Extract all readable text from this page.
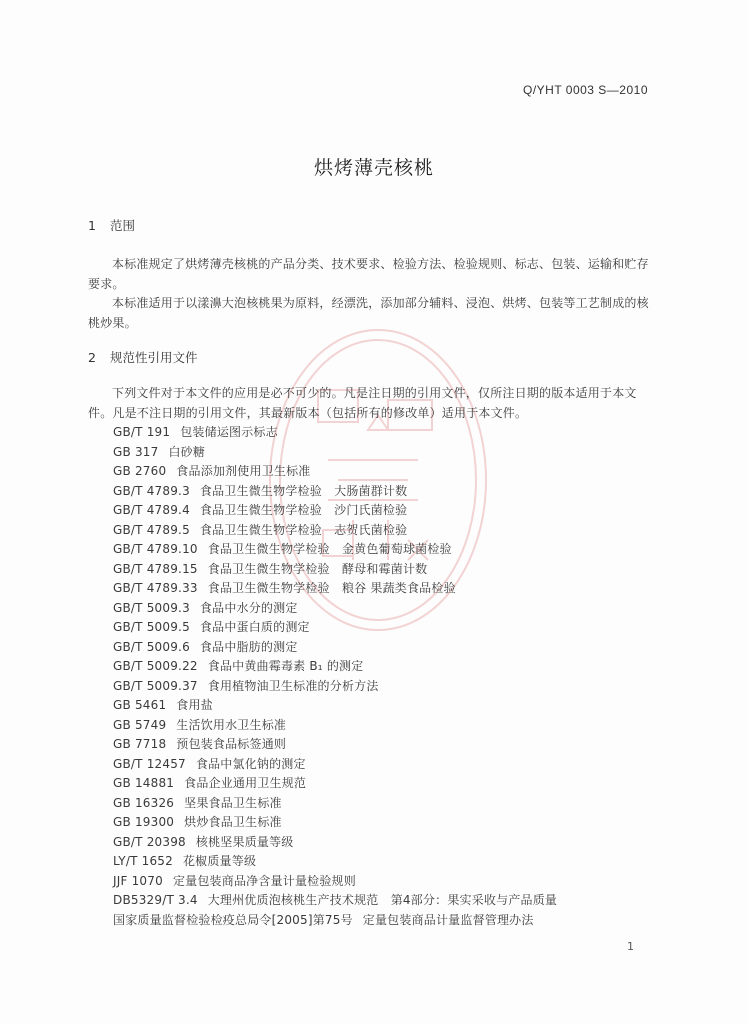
Q/YHT 0003 S—2010
烘烤薄壳核桃
1 范围
本标准规定了烘烤薄壳核桃的产品分类、技术要求、检验方法、检验规则、标志、包装、运输和贮存要求。
本标准适用于以漾濞大泡核桃果为原料，经漂洗，添加部分辅料、浸泡、烘烤、包装等工艺制成的核桃炒果。
2 规范性引用文件
下列文件对于本文件的应用是必不可少的。凡是注日期的引用文件，仅所注日期的版本适用于本文件。凡是不注日期的引用文件，其最新版本（包括所有的修改单）适用于本文件。
GB/T 191 包装储运图示标志
GB 317 白砂糖
GB 2760 食品添加剂使用卫生标准
GB/T 4789.3 食品卫生微生物学检验　大肠菌群计数
GB/T 4789.4 食品卫生微生物学检验　沙门氏菌检验
GB/T 4789.5 食品卫生微生物学检验　志贺氏菌检验
GB/T 4789.10 食品卫生微生物学检验　金黄色葡萄球菌检验
GB/T 4789.15 食品卫生微生物学检验　酵母和霉菌计数
GB/T 4789.33 食品卫生微生物学检验　粮谷 果蔬类食品检验
GB/T 5009.3 食品中水分的测定
GB/T 5009.5 食品中蛋白质的测定
GB/T 5009.6 食品中脂肪的测定
GB/T 5009.22 食品中黄曲霉毒素 B₁ 的测定
GB/T 5009.37 食用植物油卫生标准的分析方法
GB 5461 食用盐
GB 5749 生活饮用水卫生标准
GB 7718 预包装食品标签通则
GB/T 12457 食品中氯化钠的测定
GB 14881 食品企业通用卫生规范
GB 16326 坚果食品卫生标准
GB 19300 烘炒食品卫生标准
GB/T 20398 核桃坚果质量等级
LY/T 1652 花椒质量等级
JJF 1070 定量包装商品净含量计量检验规则
DB5329/T 3.4 大理州优质泡核桃生产技术规范　第4部分：果实采收与产品质量
国家质量监督检验检疫总局令[2005]第75号 定量包装商品计量监督管理办法
1
